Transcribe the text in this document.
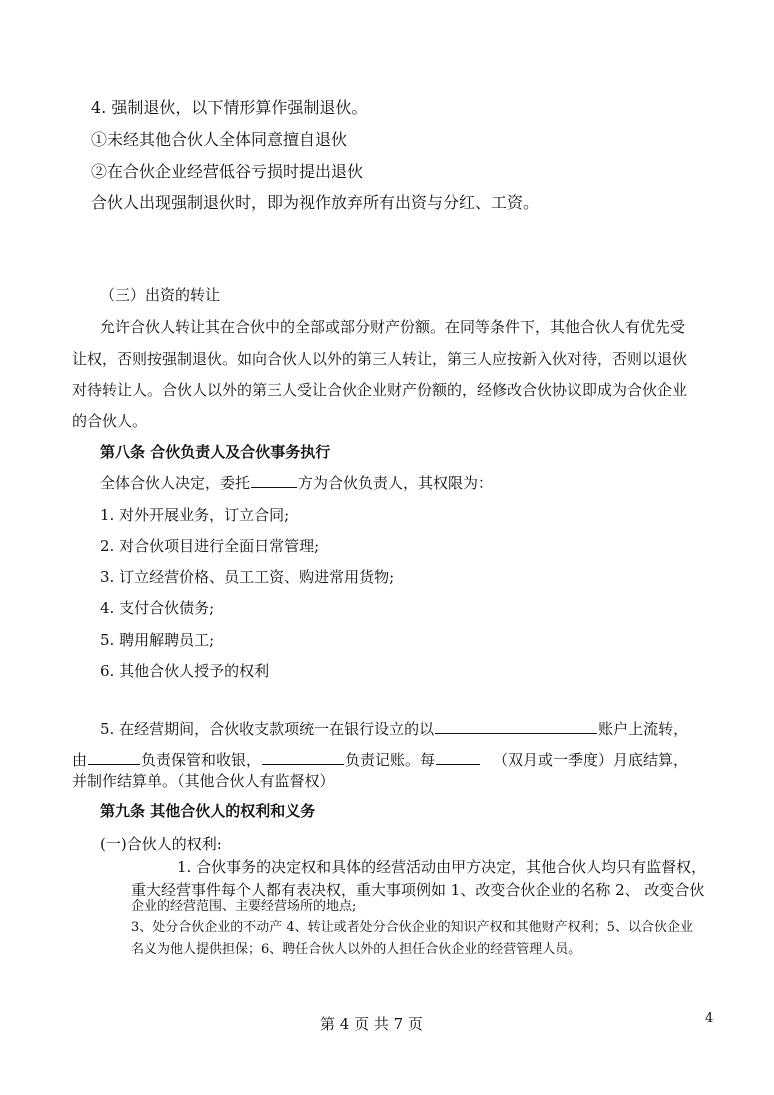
4. 强制退伙，以下情形算作强制退伙。
①未经其他合伙人全体同意擅自退伙
②在合伙企业经营低谷亏损时提出退伙
合伙人出现强制退伙时，即为视作放弃所有出资与分红、工资。
（三）出资的转让
允许合伙人转让其在合伙中的全部或部分财产份额。在同等条件下，其他合伙人有优先受
让权，否则按强制退伙。如向合伙人以外的第三人转让，第三人应按新入伙对待，否则以退伙
对待转让人。合伙人以外的第三人受让合伙企业财产份额的，经修改合伙协议即成为合伙企业
的合伙人。
第八条 合伙负责人及合伙事务执行
全体合伙人决定，委托	方为合伙负责人，其权限为：
1. 对外开展业务，订立合同;
2. 对合伙项目进行全面日常管理;
3. 订立经营价格、员工工资、购进常用货物;
4. 支付合伙债务;
5. 聘用解聘员工;
6. 其他合伙人授予的权利
5. 在经营期间，合伙收支款项统一在银行设立的以	账户上流转，
由	负责保管和收银，	负责记账。每	（双月或一季度）月底结算，
并制作结算单。（其他合伙人有监督权）
第九条 其他合伙人的权利和义务
(一)合伙人的权利:
1. 合伙事务的决定权和具体的经营活动由甲方决定，其他合伙人均只有监督权，
重大经营事件每个人都有表决权，重大事项例如 1、改变合伙企业的名称 2、 改变合伙
企业的经营范围、主要经营场所的地点;
3、处分合伙企业的不动产 4、转让或者处分合伙企业的知识产权和其他财产权利；5、以合伙企业
名义为他人提供担保；6、聘任合伙人以外的人担任合伙企业的经营管理人员。
第 4 页 共 7 页	4
